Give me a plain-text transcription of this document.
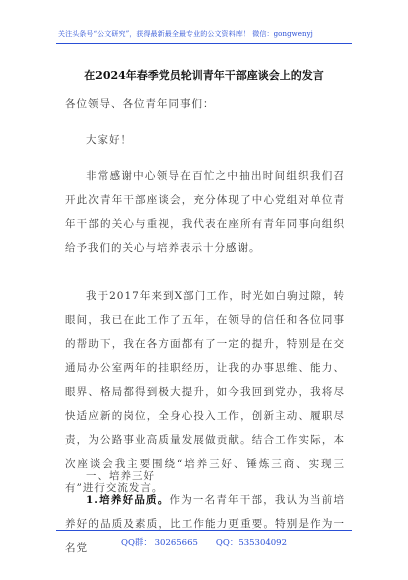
关注头条号“公文研究”，获得最新最全最专业的公文资料库！ 微信：gongwenyj
在2024年春季党员轮训青年干部座谈会上的发言
各位领导、各位青年同事们：
大家好！
非常感谢中心领导在百忙之中抽出时间组织我们召开此次青年干部座谈会，充分体现了中心党组对单位青年干部的关心与重视，我代表在座所有青年同事向组织给予我们的关心与培养表示十分感谢。
我于2017年来到X部门工作，时光如白驹过隙，转眼间，我已在此工作了五年，在领导的信任和各位同事的帮助下，我在各方面都有了一定的提升，特别是在交通局办公室两年的挂职经历，让我的办事思维、能力、眼界、格局都得到极大提升，如今我回到党办，我将尽快适应新的岗位，全身心投入工作，创新主动、履职尽责，为公路事业高质量发展做贡献。结合工作实际，本次座谈会我主要围绕“培养三好、锤炼三商、实现三有”进行交流发言。
一、培养三好
1.培养好品质。作为一名青年干部，我认为当前培养好的品质及素质，比工作能力更重要。特别是作为一名党	QQ群： 30265665 QQ：535304092
